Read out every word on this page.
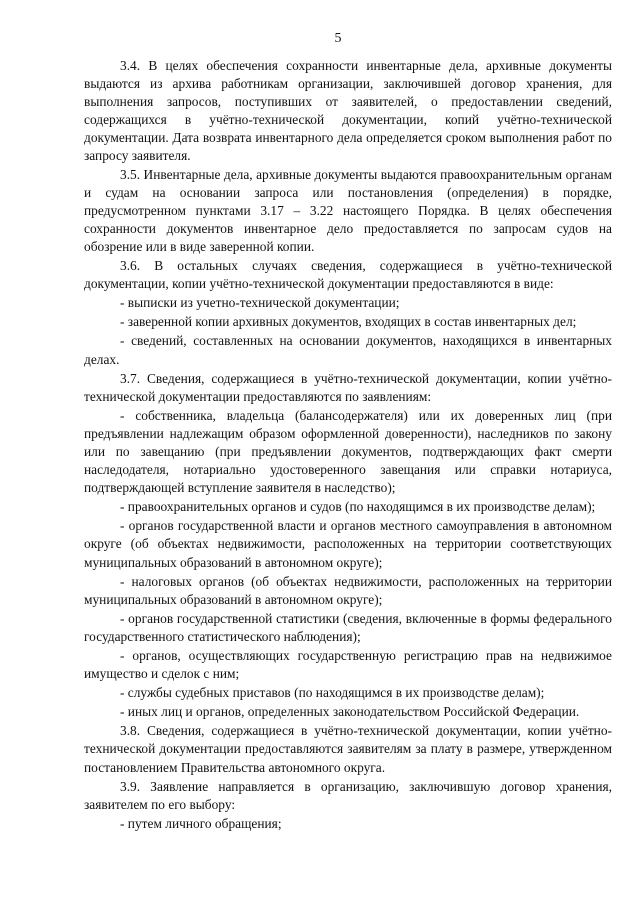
5

3.4. В целях обеспечения сохранности инвентарные дела, архивные документы выдаются из архива работникам организации, заключившей договор хранения, для выполнения запросов, поступивших от заявителей, о предоставлении сведений, содержащихся в учётно-технической документации, копий учётно-технической документации. Дата возврата инвентарного дела определяется сроком выполнения работ по запросу заявителя.

3.5. Инвентарные дела, архивные документы выдаются правоохранительным органам и судам на основании запроса или постановления (определения) в порядке, предусмотренном пунктами 3.17 – 3.22 настоящего Порядка. В целях обеспечения сохранности документов инвентарное дело предоставляется по запросам судов на обозрение или в виде заверенной копии.

3.6. В остальных случаях сведения, содержащиеся в учётно-технической документации, копии учётно-технической документации предоставляются в виде:

- выписки из учетно-технической документации;

- заверенной копии архивных документов, входящих в состав инвентарных дел;

- сведений, составленных на основании документов, находящихся в инвентарных делах.

3.7. Сведения, содержащиеся в учётно-технической документации, копии учётно-технической документации предоставляются по заявлениям:

- собственника, владельца (балансодержателя) или их доверенных лиц (при предъявлении надлежащим образом оформленной доверенности), наследников по закону или по завещанию (при предъявлении документов, подтверждающих факт смерти наследодателя, нотариально удостоверенного завещания или справки нотариуса, подтверждающей вступление заявителя в наследство);

- правоохранительных органов и судов (по находящимся в их производстве делам);

- органов государственной власти и органов местного самоуправления в автономном округе (об объектах недвижимости, расположенных на территории соответствующих муниципальных образований в автономном округе);

- налоговых органов (об объектах недвижимости, расположенных на территории муниципальных образований в автономном округе);

- органов государственной статистики (сведения, включенные в формы федерального государственного статистического наблюдения);

- органов, осуществляющих государственную регистрацию прав на недвижимое имущество и сделок с ним;

- службы судебных приставов (по находящимся в их производстве делам);

- иных лиц и органов, определенных законодательством Российской Федерации.

3.8. Сведения, содержащиеся в учётно-технической документации, копии учётно-технической документации предоставляются заявителям за плату в размере, утвержденном постановлением Правительства автономного округа.

3.9. Заявление направляется в организацию, заключившую договор хранения, заявителем по его выбору:

- путем личного обращения;
